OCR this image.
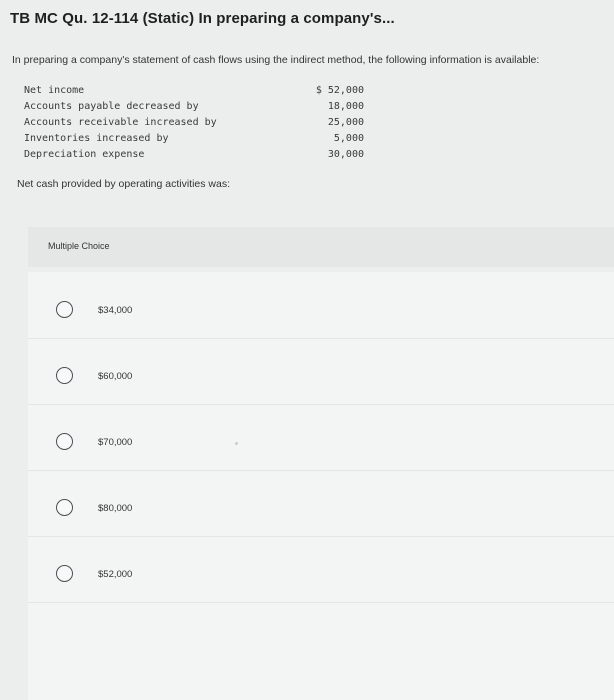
TB MC Qu. 12-114 (Static) In preparing a company's...
In preparing a company's statement of cash flows using the indirect method, the following information is available:
Net income	$ 52,000
Accounts payable decreased by	18,000
Accounts receivable increased by	25,000
Inventories increased by	5,000
Depreciation expense	30,000
Net cash provided by operating activities was:
Multiple Choice
$34,000
$60,000
$70,000
$80,000
$52,000
